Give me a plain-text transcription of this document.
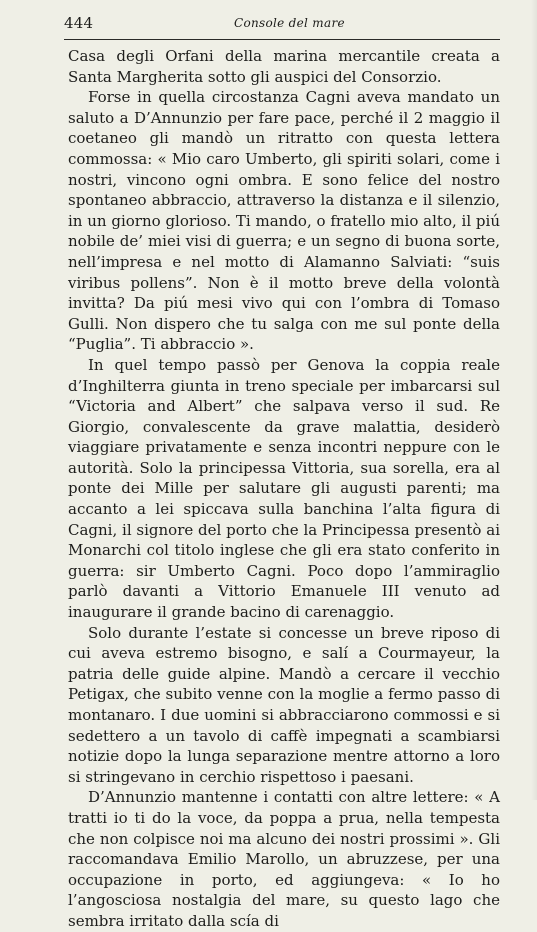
444	Console del mare

Casa degli Orfani della marina mercantile creata a Santa Margherita sotto gli auspici del Consorzio.

Forse in quella circostanza Cagni aveva mandato un saluto a D’Annunzio per fare pace, perché il 2 maggio il coetaneo gli mandò un ritratto con questa lettera commossa: « Mio caro Umberto, gli spiriti solari, come i nostri, vincono ogni ombra. E sono felice del nostro spontaneo abbraccio, attraverso la distanza e il silenzio, in un giorno glorioso. Ti mando, o fratello mio alto, il piú nobile de’ miei visi di guerra; e un segno di buona sorte, nell’impresa e nel motto di Alamanno Salviati: “suis viribus pollens”. Non è il motto breve della volontà invitta? Da piú mesi vivo qui con l’ombra di Tomaso Gulli. Non dispero che tu salga con me sul ponte della “Puglia”. Ti abbraccio ».

In quel tempo passò per Genova la coppia reale d’Inghilterra giunta in treno speciale per imbarcarsi sul “Victoria and Albert” che salpava verso il sud. Re Giorgio, convalescente da grave malattia, desiderò viaggiare privatamente e senza incontri neppure con le autorità. Solo la principessa Vittoria, sua sorella, era al ponte dei Mille per salutare gli augusti parenti; ma accanto a lei spiccava sulla banchina l’alta figura di Cagni, il signore del porto che la Principessa presentò ai Monarchi col titolo inglese che gli era stato conferito in guerra: sir Umberto Cagni. Poco dopo l’ammiraglio parlò davanti a Vittorio Emanuele III venuto ad inaugurare il grande bacino di carenaggio.

Solo durante l’estate si concesse un breve riposo di cui aveva estremo bisogno, e salí a Courmayeur, la patria delle guide alpine. Mandò a cercare il vecchio Petigax, che subito venne con la moglie a fermo passo di montanaro. I due uomini si abbracciarono commossi e si sedettero a un tavolo di caffè impegnati a scambiarsi notizie dopo la lunga separazione mentre attorno a loro si stringevano in cerchio rispettoso i paesani.

D’Annunzio mantenne i contatti con altre lettere: « A tratti io ti do la voce, da poppa a prua, nella tempesta che non colpisce noi ma alcuno dei nostri prossimi ». Gli raccomandava Emilio Marollo, un abruzzese, per una occupazione in porto, ed aggiungeva: « Io ho l’angosciosa nostalgia del mare, su questo lago che sembra irritato dalla scía di
